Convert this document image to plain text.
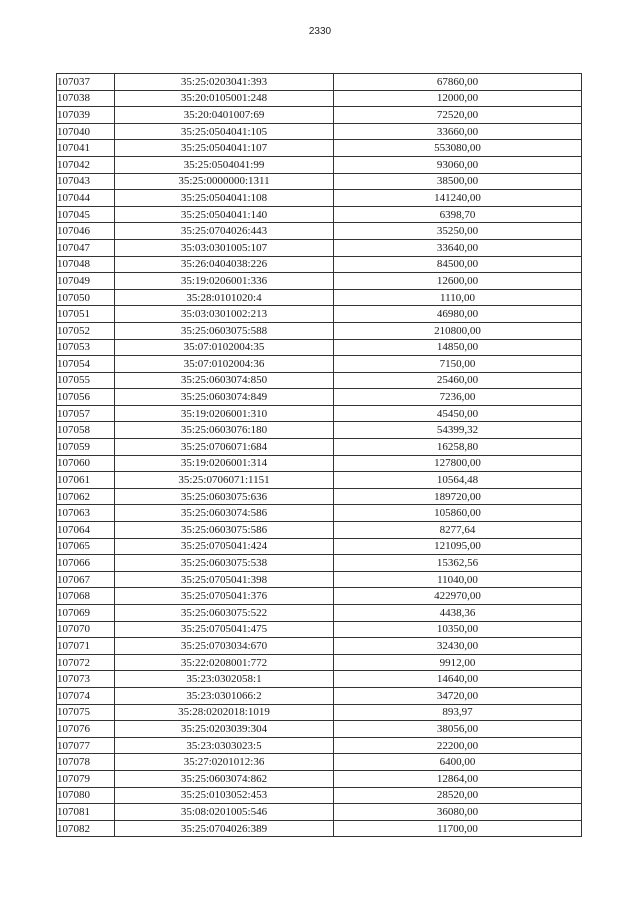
2330
107037	35:25:0203041:393	67860,00
107038	35:20:0105001:248	12000,00
107039	35:20:0401007:69	72520,00
107040	35:25:0504041:105	33660,00
107041	35:25:0504041:107	553080,00
107042	35:25:0504041:99	93060,00
107043	35:25:0000000:1311	38500,00
107044	35:25:0504041:108	141240,00
107045	35:25:0504041:140	6398,70
107046	35:25:0704026:443	35250,00
107047	35:03:0301005:107	33640,00
107048	35:26:0404038:226	84500,00
107049	35:19:0206001:336	12600,00
107050	35:28:0101020:4	1110,00
107051	35:03:0301002:213	46980,00
107052	35:25:0603075:588	210800,00
107053	35:07:0102004:35	14850,00
107054	35:07:0102004:36	7150,00
107055	35:25:0603074:850	25460,00
107056	35:25:0603074:849	7236,00
107057	35:19:0206001:310	45450,00
107058	35:25:0603076:180	54399,32
107059	35:25:0706071:684	16258,80
107060	35:19:0206001:314	127800,00
107061	35:25:0706071:1151	10564,48
107062	35:25:0603075:636	189720,00
107063	35:25:0603074:586	105860,00
107064	35:25:0603075:586	8277,64
107065	35:25:0705041:424	121095,00
107066	35:25:0603075:538	15362,56
107067	35:25:0705041:398	11040,00
107068	35:25:0705041:376	422970,00
107069	35:25:0603075:522	4438,36
107070	35:25:0705041:475	10350,00
107071	35:25:0703034:670	32430,00
107072	35:22:0208001:772	9912,00
107073	35:23:0302058:1	14640,00
107074	35:23:0301066:2	34720,00
107075	35:28:0202018:1019	893,97
107076	35:25:0203039:304	38056,00
107077	35:23:0303023:5	22200,00
107078	35:27:0201012:36	6400,00
107079	35:25:0603074:862	12864,00
107080	35:25:0103052:453	28520,00
107081	35:08:0201005:546	36080,00
107082	35:25:0704026:389	11700,00
